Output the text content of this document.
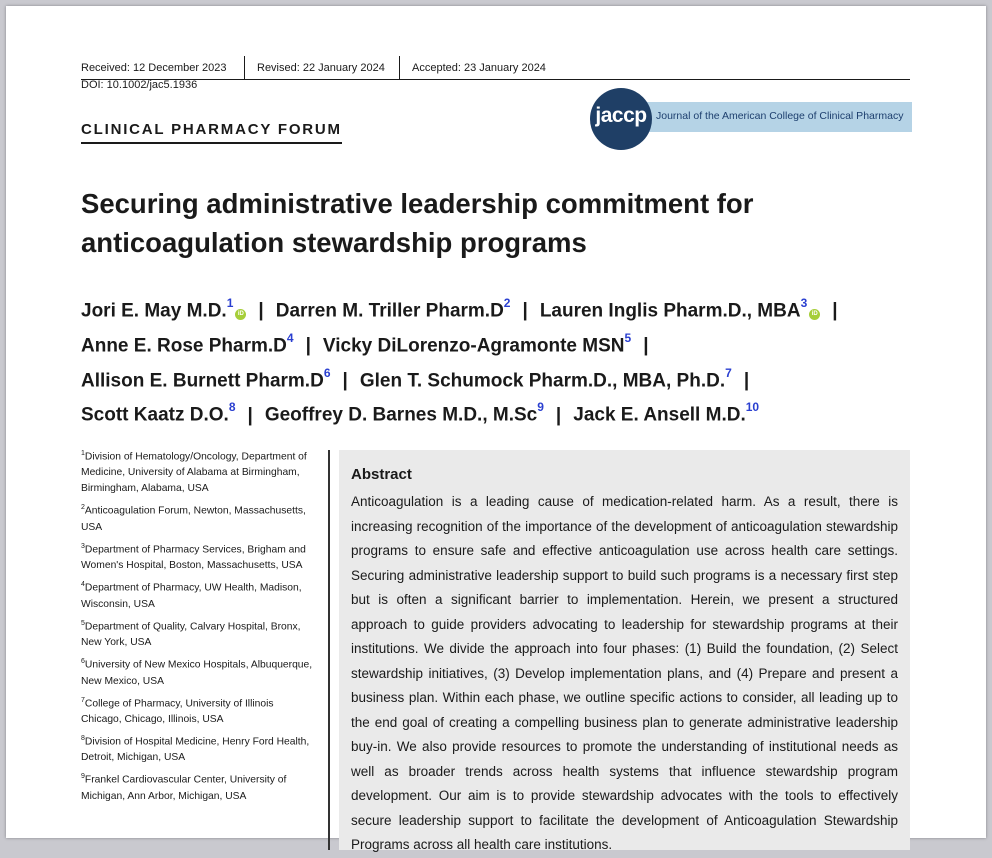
Received: 12 December 2023	Revised: 22 January 2024 Accepted: 23 January 2024
DOI: 10.1002/jac5.1936
CLINICAL PHARMACY FORUM
Journal of the American College of Clinical Pharmacy
jaccp
Securing administrative leadership commitment for anticoagulation stewardship programs
Jori E. May M.D.$^1$iD | Darren M. Triller $Pharm.D^2$ | Lauren Inglis Pharm.D., MBA$^3$iD |
Anne E. Rose $Pharm.D^4$ | Vicky DiLorenzo-Agramonte MSN$^5$ |
Allison E. Burnett $Pharm.D^6$ | Glen T. Schumock Pharm.D., MBA, Ph.D.$^7$ |
Scott Kaatz D.O.$^8$ | Geoffrey D. Barnes M.D., M.Sc$^9$ | Jack E. Ansell M.D.$^{10}$
$^1$Division of Hematology/Oncology, Department of Medicine, University of Alabama at Birmingham, Birmingham, Alabama, USA
$^2$Anticoagulation Forum, Newton, Massachusetts, USA
$^3$Department of Pharmacy Services, Brigham and Women's Hospital, Boston, Massachusetts, USA
$^4$Department of Pharmacy, UW Health, Madison, Wisconsin, USA
$^5$Department of Quality, Calvary Hospital, Bronx, New York, USA
$^6$University of New Mexico Hospitals, Albuquerque, New Mexico, USA
$^7$College of Pharmacy, University of Illinois Chicago, Chicago, Illinois, USA
$^8$Division of Hospital Medicine, Henry Ford Health, Detroit, Michigan, USA
$^9$Frankel Cardiovascular Center, University of Michigan, Ann Arbor, Michigan, USA
Abstract
Anticoagulation is a leading cause of medication-related harm. As a result, there is increasing recognition of the importance of the development of anticoagulation stewardship programs to ensure safe and effective anticoagulation use across health care settings. Securing administrative leadership support to build such programs is a necessary first step but is often a significant barrier to implementation. Herein, we present a structured approach to guide providers advocating to leadership for stewardship programs at their institutions. We divide the approach into four phases: (1) Build the foundation, (2) Select stewardship initiatives, (3) Develop implementation plans, and (4) Prepare and present a business plan. Within each phase, we outline specific actions to consider, all leading up to the end goal of creating a compelling business plan to generate administrative leadership buy-in. We also provide resources to promote the understanding of institutional needs as well as broader trends across health systems that influence stewardship program development. Our aim is to provide stewardship advocates with the tools to effectively secure leadership support to facilitate the development of Anticoagulation Stewardship Programs across all health care institutions.
